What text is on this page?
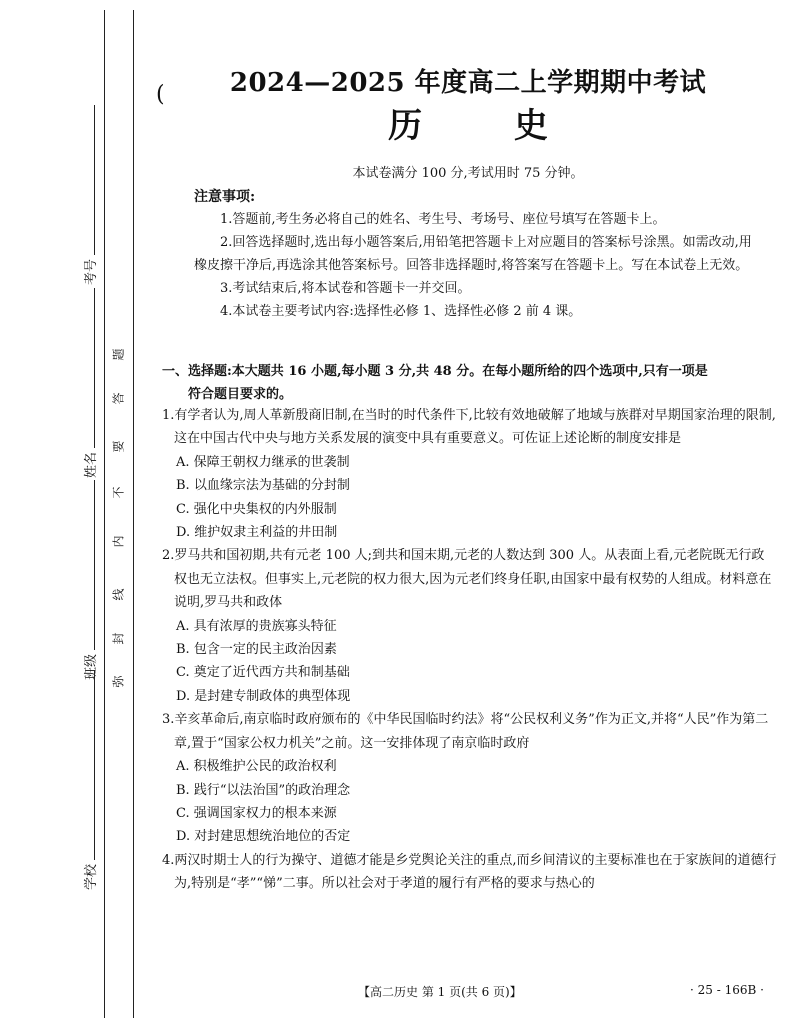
考号
姓名
班级
学校
弥
封
线
内
不
要
答
题
2024—2025 年度高二上学期期中考试
(
历 史
本试卷满分 100 分,考试用时 75 分钟。
注意事项:

1.答题前,考生务必将自己的姓名、考生号、考场号、座位号填写在答题卡上。

2.回答选择题时,选出每小题答案后,用铅笔把答题卡上对应题目的答案标号涂黑。如需改动,用橡皮擦干净后,再选涂其他答案标号。回答非选择题时,将答案写在答题卡上。写在本试卷上无效。

3.考试结束后,将本试卷和答题卡一并交回。

4.本试卷主要考试内容:选择性必修 1、选择性必修 2 前 4 课。

一、选择题:本大题共 16 小题,每小题 3 分,共 48 分。在每小题所给的四个选项中,只有一项是
符合题目要求的。

1.有学者认为,周人革新殷商旧制,在当时的时代条件下,比较有效地破解了地域与族群对早期国家治理的限制,这在中国古代中央与地方关系发展的演变中具有重要意义。可佐证上述论断的制度安排是

A. 保障王朝权力继承的世袭制

B. 以血缘宗法为基础的分封制

C. 强化中央集权的内外服制

D. 维护奴隶主利益的井田制

2.罗马共和国初期,共有元老 100 人;到共和国末期,元老的人数达到 300 人。从表面上看,元老院既无行政权也无立法权。但事实上,元老院的权力很大,因为元老们终身任职,由国家中最有权势的人组成。材料意在说明,罗马共和政体

A. 具有浓厚的贵族寡头特征

B. 包含一定的民主政治因素

C. 奠定了近代西方共和制基础

D. 是封建专制政体的典型体现

3.辛亥革命后,南京临时政府颁布的《中华民国临时约法》将“公民权利义务”作为正文,并将“人民”作为第二章,置于“国家公权力机关”之前。这一安排体现了南京临时政府

A. 积极维护公民的政治权利

B. 践行“以法治国”的政治理念

C. 强调国家权力的根本来源

D. 对封建思想统治地位的否定

4.两汉时期士人的行为操守、道德才能是乡党舆论关注的重点,而乡间清议的主要标准也在于家族间的道德行为,特别是“孝”“悌”二事。所以社会对于孝道的履行有严格的要求与热心的

【高二历史 第 1 页(共 6 页)】	· 25 - 166B ·
